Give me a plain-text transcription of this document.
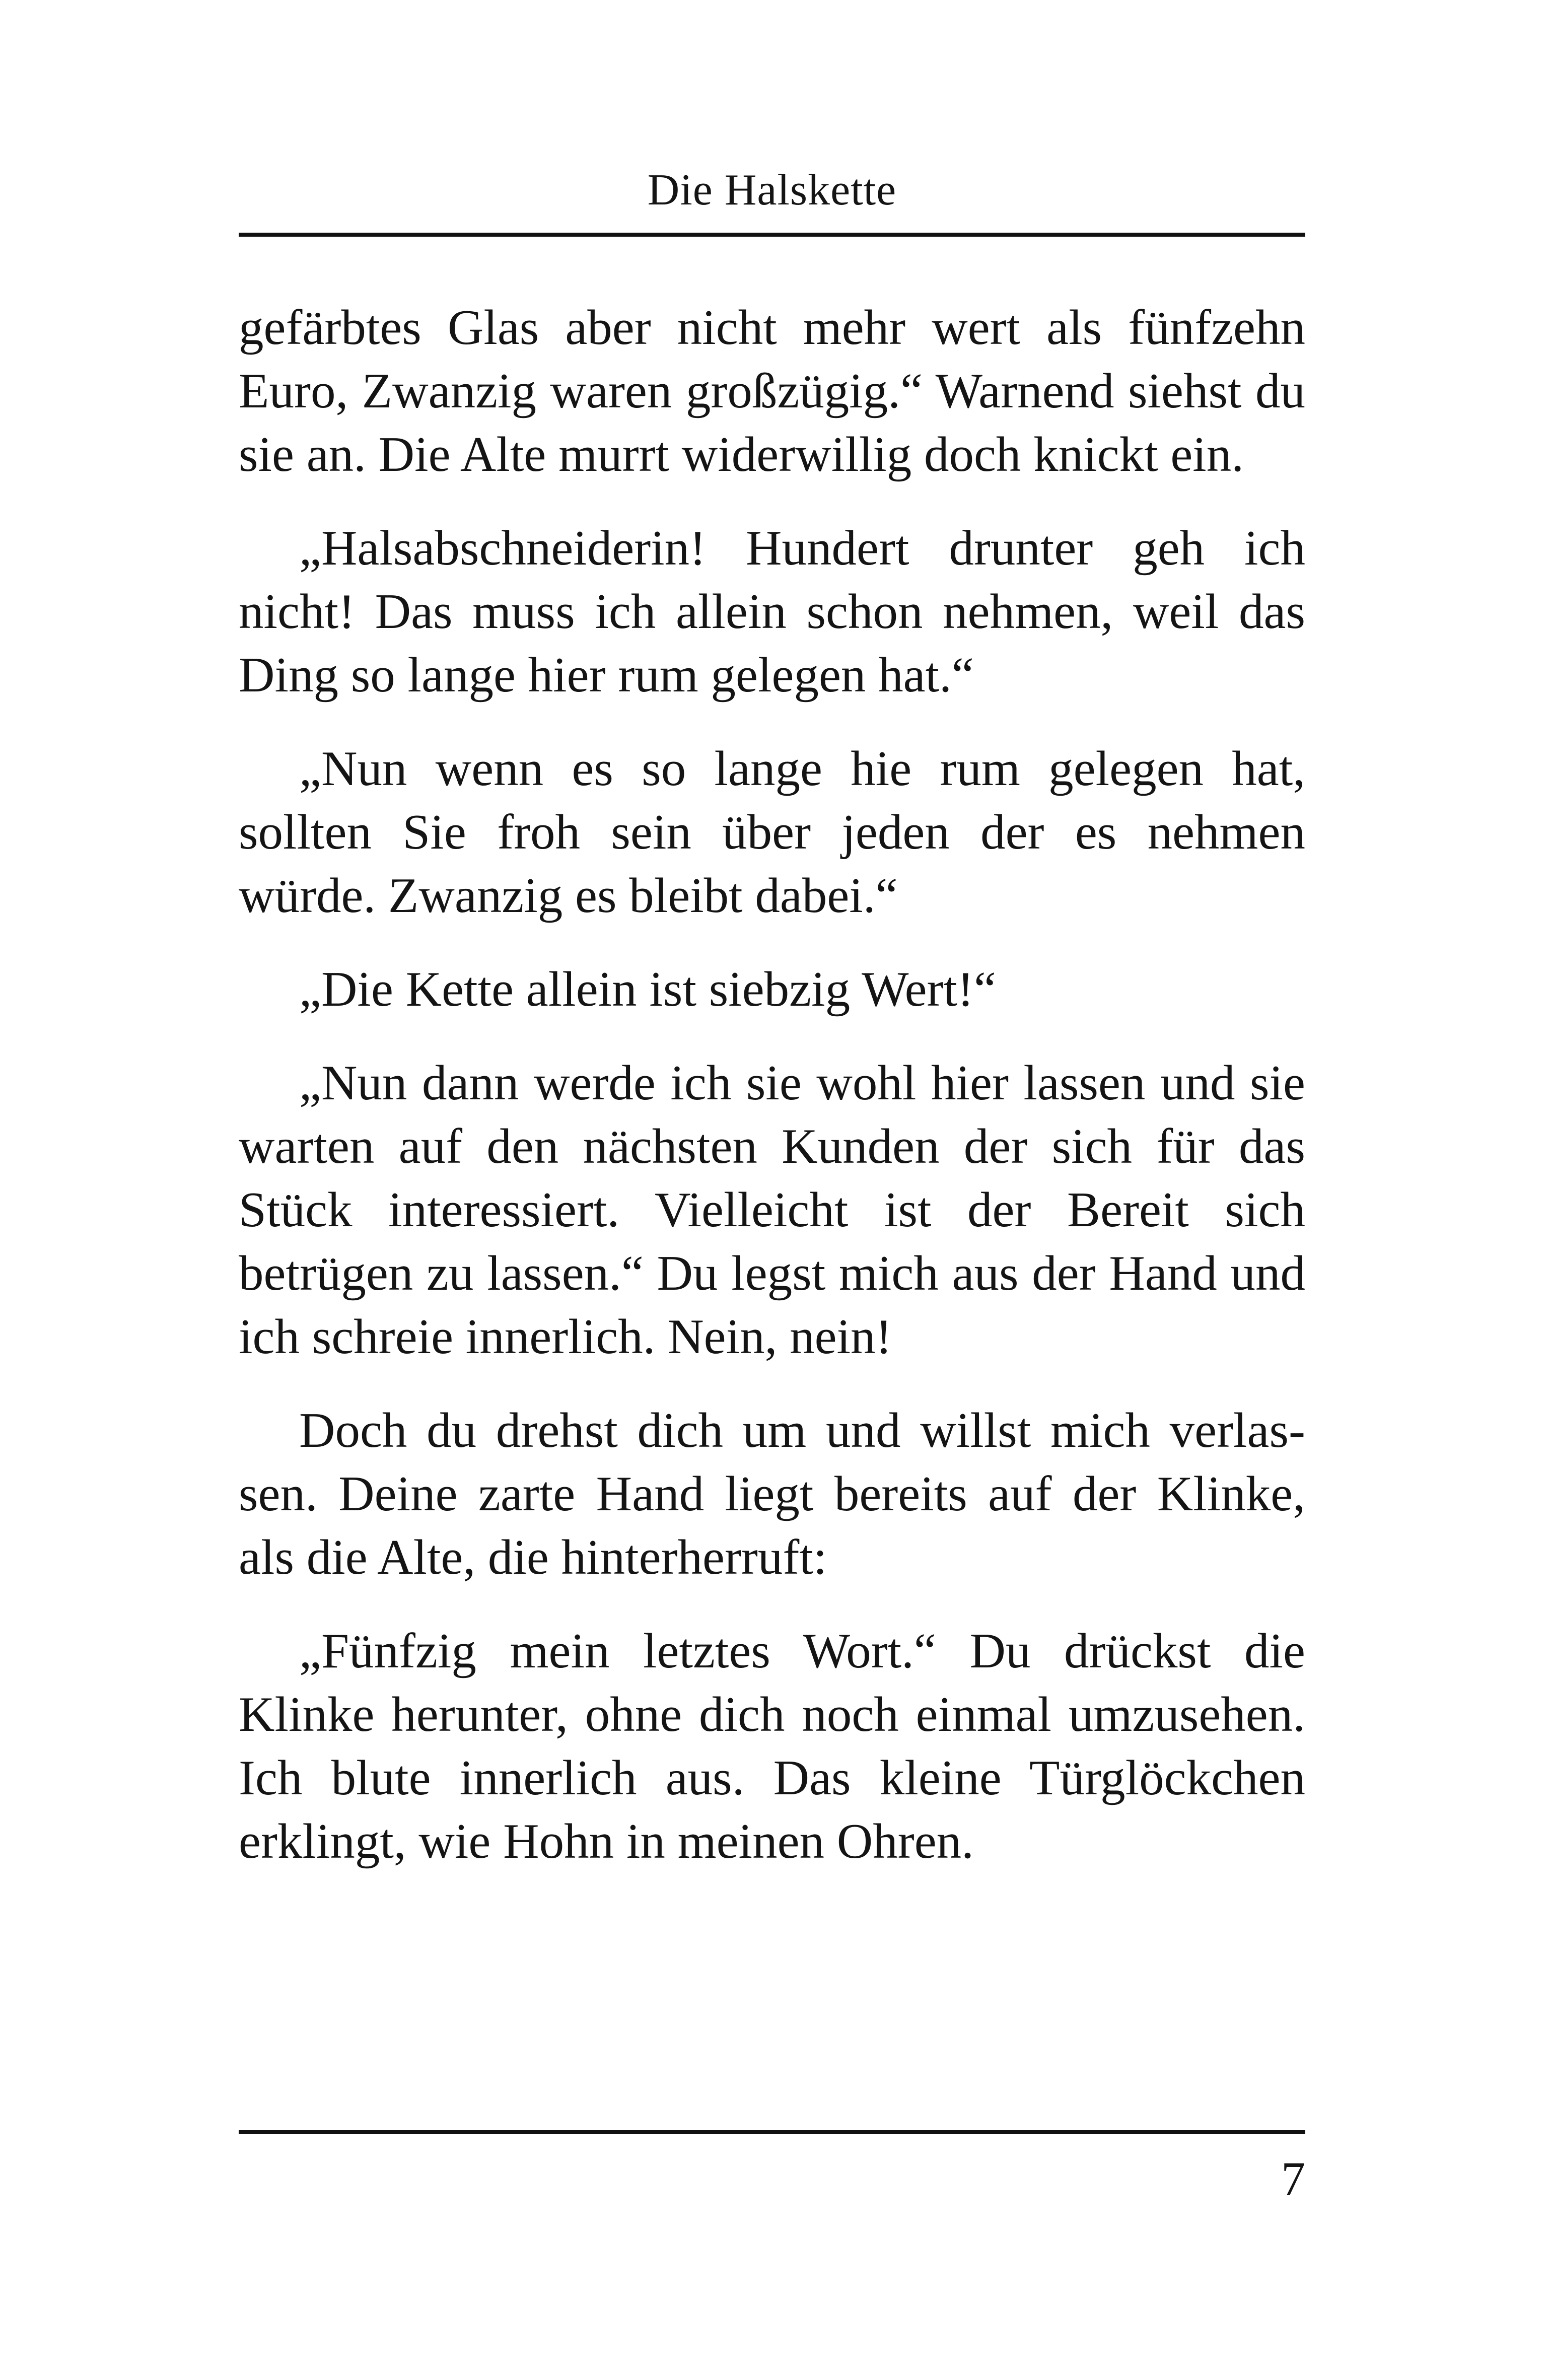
Die Halskette

gefärbtes Glas aber nicht mehr wert als fünfzehn Euro, Zwanzig waren großzügig.“ Warnend siehst du sie an. Die Alte murrt widerwillig doch knickt ein.

„Halsabschneiderin! Hundert drunter geh ich nicht! Das muss ich allein schon nehmen, weil das Ding so lange hier rum gelegen hat.“

„Nun wenn es so lange hie rum gelegen hat, sollten Sie froh sein über jeden der es nehmen würde. Zwanzig es bleibt dabei.“

„Die Kette allein ist siebzig Wert!“

„Nun dann werde ich sie wohl hier lassen und sie warten auf den nächsten Kunden der sich für das Stück interessiert. Vielleicht ist der Bereit sich betrügen zu lassen.“ Du legst mich aus der Hand und ich schreie innerlich. Nein, nein!

Doch du drehst dich um und willst mich verlassen. Deine zarte Hand liegt bereits auf der Klinke, als die Alte, die hinterherruft:

„Fünfzig mein letztes Wort.“ Du drückst die Klinke herunter, ohne dich noch einmal umzusehen. Ich blute innerlich aus. Das kleine Türglöckchen erklingt, wie Hohn in meinen Ohren.

7
